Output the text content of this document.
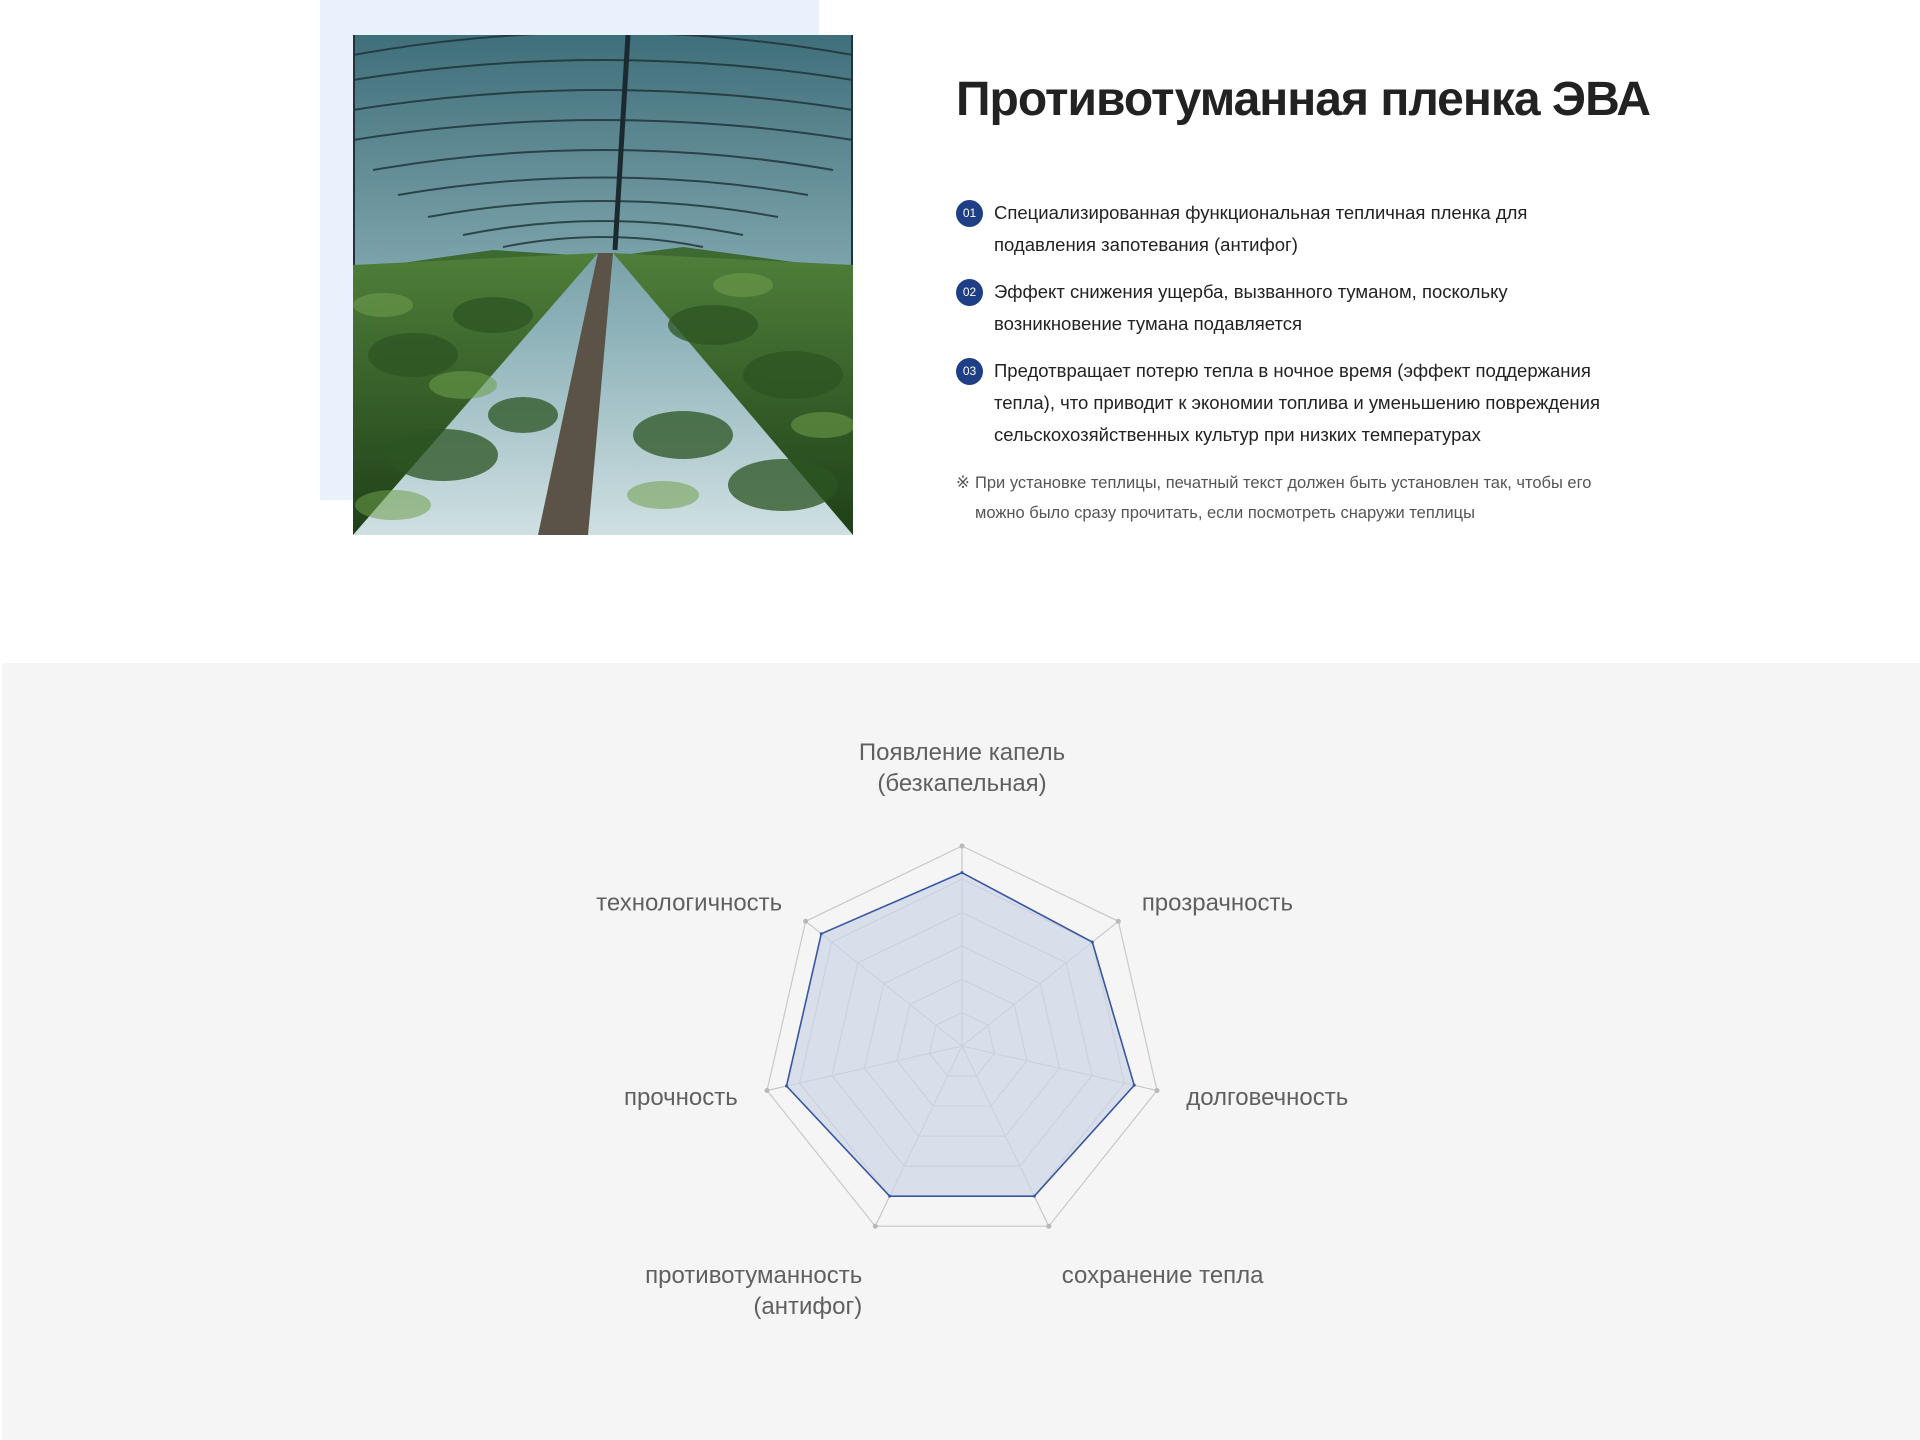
Противотуманная пленка ЭВА
01 Специализированная функциональная тепличная пленка для подавления запотевания (антифог)
02 Эффект снижения ущерба, вызванного туманом, поскольку возникновение тумана подавляется
03 Предотвращает потерю тепла в ночное время (эффект поддержания тепла), что приводит к экономии топлива и уменьшению повреждения сельскохозяйственных культур при низких температурах

※ При установке теплицы, печатный текст должен быть установлен так, чтобы его можно было сразу прочитать, если посмотреть снаружи теплицы

Появление капель (безкапельная)
прозрачность
долговечность
сохранение тепла
противотуманность (антифог)
прочность
технологичность
